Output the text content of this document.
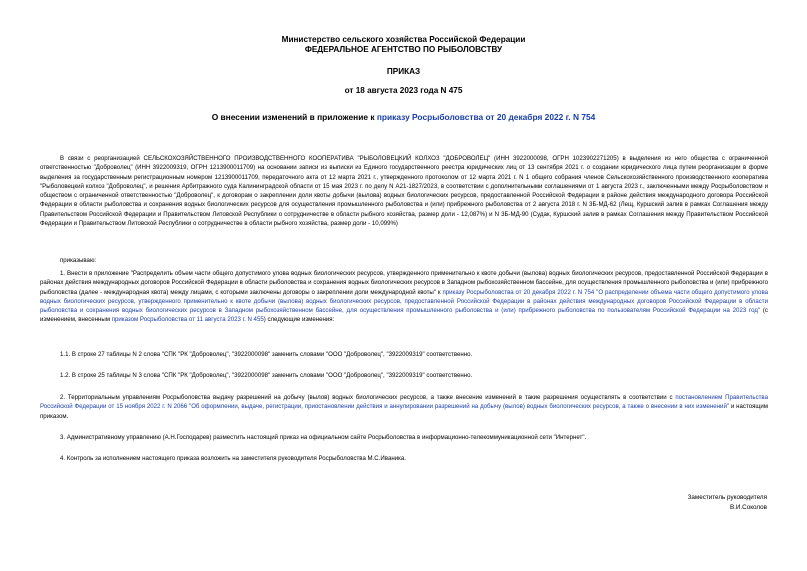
Министерство сельского хозяйства Российской Федерации
ФЕДЕРАЛЬНОЕ АГЕНТСТВО ПО РЫБОЛОВСТВУ
ПРИКАЗ
от 18 августа 2023 года N 475
О внесении изменений в приложение к приказу Росрыболовства от 20 декабря 2022 г. N 754

В связи с реорганизацией СЕЛЬСКОХОЗЯЙСТВЕННОГО ПРОИЗВОДСТВЕННОГО КООПЕРАТИВА "РЫБОЛОВЕЦКИЙ КОЛХОЗ "ДОБРОВОЛЕЦ" (ИНН 3922000098, ОГРН 1023902271205) в выделения из него общества с ограниченной ответственностью "Доброволец" (ИНН 3922009319, ОГРН 1213900011709) на основании записи из выписки из Единого государственного реестра юридических лиц от 13 сентября 2021 г. о создании юридического лица путем реорганизации в форме выделения за государственным регистрационным номером 1213900011709, передаточного акта от 12 марта 2021 г., утвержденного протоколом от 12 марта 2021 г. N 1 общего собрания членов Сельскохозяйственного производственного кооператива "Рыболовецкий колхоз "Доброволец", и решения Арбитражного суда Калининградской области от 15 мая 2023 г. по делу N А21-1827/2023, в соответствии с дополнительными соглашениями от 1 августа 2023 г., заключенными между Росрыболовством и обществом с ограниченной ответственностью "Доброволец", к договорам о закреплении доли квоты добычи (вылова) водных биологических ресурсов, предоставленной Российской Федерации в районе действия международного договора Российской Федерации в области рыболовства и сохранения водных биологических ресурсов для осуществления промышленного рыболовства и (или) прибрежного рыболовства от 2 августа 2018 г. N 3Б-МД-62 (Лещ, Куршский залив в рамках Соглашения между Правительством Российской Федерации и Правительством Литовской Республики о сотрудничестве в области рыбного хозяйства, размер доли - 12,087%) и N 3Б-МД-90 (Судак, Куршский залив в рамках Соглашения между Правительством Российской Федерации и Правительством Литовской Республики о сотрудничестве в области рыбного хозяйства, размер доли - 10,099%)

приказываю:

1. Внести в приложение "Распределить объем части общего допустимого улова водных биологических ресурсов, утвержденного применительно к квоте добычи (вылова) водных биологических ресурсов, предоставленной Российской Федерации в районах действия международных договоров Российской Федерации в области рыболовства и сохранения водных биологических ресурсов в Западном рыбохозяйственном бассейне, для осуществления промышленного рыболовства и (или) прибрежного рыболовства (далее - международная квота) между лицами, с которыми заключены договоры о закреплении доли международной квоты" к приказу Росрыболовства от 20 декабря 2022 г. N 754 "О распределении объема части общего допустимого улова водных биологических ресурсов, утвержденного применительно к квоте добычи (вылова) водных биологических ресурсов, предоставленной Российской Федерации в районах действия международных договоров Российской Федерации в области рыболовства и сохранения водных биологических ресурсов в Западном рыбохозяйственном бассейне, для осуществления промышленного рыболовства и (или) прибрежного рыболовства по пользователям Российской Федерации на 2023 год" (с изменением, внесенным приказом Росрыболовства от 11 августа 2023 г. N 455) следующие изменения:

1.1. В строке 27 таблицы N 2 слова "СПК "РК "Доброволец", "3922000098" заменить словами "ООО "Доброволец", "3922009319" соответственно.

1.2. В строке 25 таблицы N 3 слова "СПК "РК "Доброволец", "3922000098" заменить словами "ООО "Доброволец", "3922009319" соответственно.

2. Территориальным управлениям Росрыболовства выдачу разрешений на добычу (вылов) водных биологических ресурсов, а также внесение изменений в такие разрешения осуществлять в соответствии с постановлением Правительства Российской Федерации от 15 ноября 2022 г. N 2066 "Об оформлении, выдаче, регистрации, приостановлении действия и аннулировании разрешений на добычу (вылов) водных биологических ресурсов, а также о внесении в них изменений" и настоящим приказом.

3. Административному управлению (А.Н.Господарев) разместить настоящий приказ на официальном сайте Росрыболовства в информационно-телекоммуникационной сети "Интернет".

4. Контроль за исполнением настоящего приказа возложить на заместителя руководителя Росрыболовства М.С.Иваника.

Заместитель руководителя
В.И.Соколов
